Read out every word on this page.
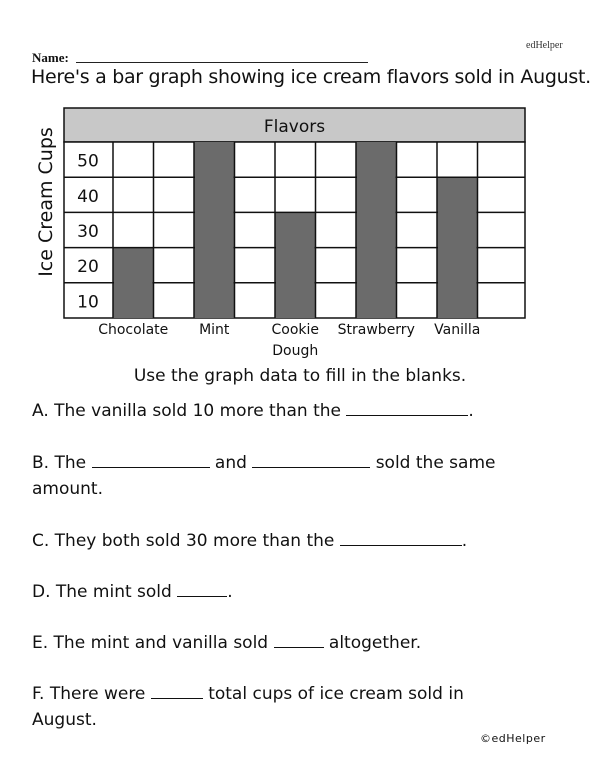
edHelper
Name:
Here's a bar graph showing ice cream flavors sold in August.
Flavors
10
20
30
40
50
Ice Cream Cups
Chocolate Mint	Cookie
Dough
Strawberry Vanilla
Use the graph data to fill in the blanks.
A. The vanilla sold 10 more than the	.
B. The	and	sold the same
amount.
C. They both sold 30 more than the	.
D. The mint sold	.
E. The mint and vanilla sold	altogether.
F. There were	total cups of ice cream sold in
August.
©edHelper
